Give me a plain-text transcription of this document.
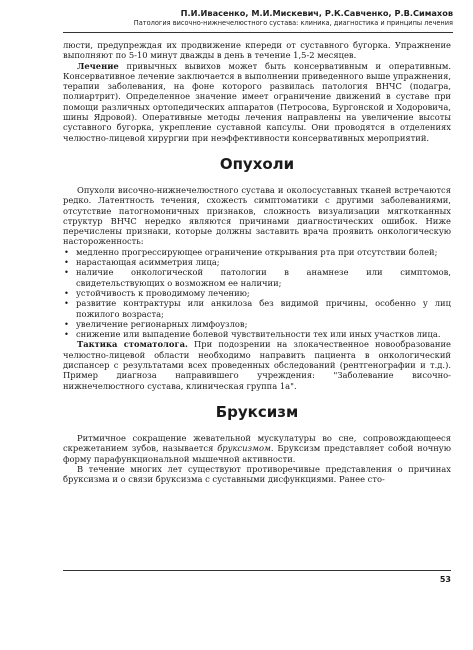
П.И.Ивасенко, М.И.Мискевич, Р.К.Савченко, Р.В.Симахов
Патология височно-нижнечелюстного сустава: клиника, диагностика и принципы лечения

люсти, предупреждая их продвижение кпереди от суставного бугорка. Упражнение выполняют по 5-10 минут дважды в день в течение 1,5-2 месяцев.

Лечение привычных вывихов может быть консервативным и оперативным. Консервативное лечение заключается в выполнении приведенного выше упражнения, терапии заболевания, на фоне которого развилась патология ВНЧС (подагра, полиартрит). Определенное значение имеет ограничение движений в суставе при помощи различных ортопедических аппаратов (Петросова, Бургонской и Ходоровича, шины Ядровой). Оперативные методы лечения направлены на увеличение высоты суставного бугорка, укрепление суставной капсулы. Они проводятся в отделениях челюстно-лицевой хирургии при неэффективности консервативных мероприятий.

Опухоли

Опухоли височно-нижнечелюстного сустава и околосуставных тканей встречаются редко. Латентность течения, схожесть симптоматики с другими заболеваниями, отсутствие патогномоничных признаков, сложность визуализации мягкотканных структур ВНЧС нередко являются причинами диагностических ошибок. Ниже перечислены признаки, которые должны заставить врача проявить онкологическую настороженность:

• медленно прогрессирующее ограничение открывания рта при отсутствии болей;
• нарастающая асимметрия лица;
• наличие онкологической патологии в анамнезе или симптомов, свидетельствующих о возможном ее наличии;
• устойчивость к проводимому лечению;
• развитие контрактуры или анкилоза без видимой причины, особенно у лиц пожилого возраста;
• увеличение регионарных лимфоузлов;
• снижение или выпадение болевой чувствительности тех или иных участков лица.

Тактика стоматолога. При подозрении на злокачественное новообразование челюстно-лицевой области необходимо направить пациента в онкологический диспансер с результатами всех проведенных обследований (рентгенографии и т.д.). Пример диагноза направившего учреждения: "Заболевание височно-нижнечелюстного сустава, клиническая группа 1а".

Бруксизм

Ритмичное сокращение жевательной мускулатуры во сне, сопровождающееся скрежетанием зубов, называется бруксизмом. Бруксизм представляет собой ночную форму парафункциональной мышечной активности.

В течение многих лет существуют противоречивые представления о причинах бруксизма и о связи бруксизма с суставными дисфункциями. Ранее сто-

53
